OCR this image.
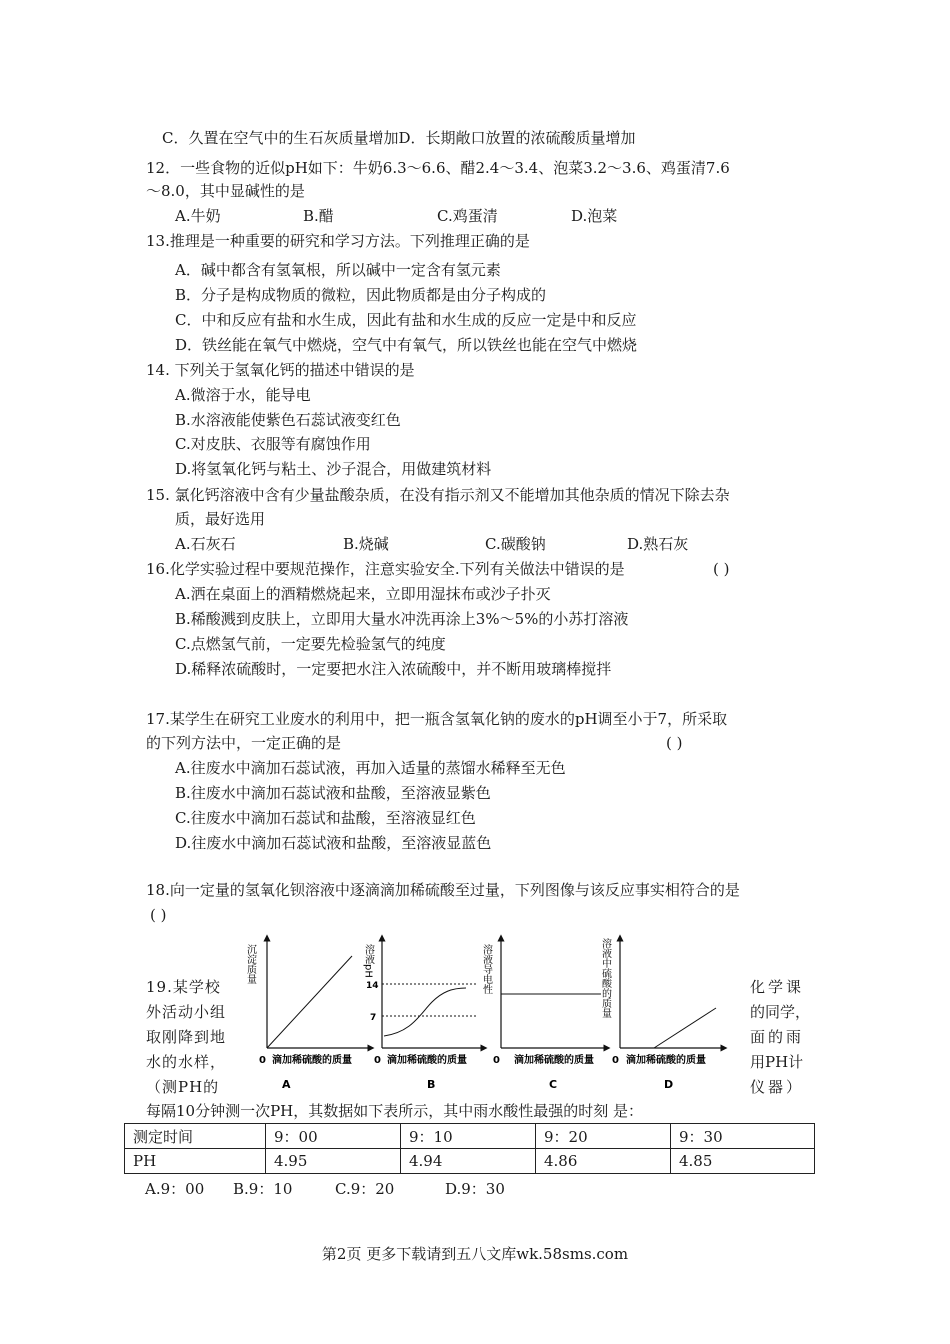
C．久置在空气中的生石灰质量增加D．长期敞口放置的浓硫酸质量增加
12．一些食物的近似pH如下：牛奶6.3～6.6、醋2.4～3.4、泡菜3.2～3.6、鸡蛋清7.6
～8.0，其中显碱性的是
A.牛奶	B.醋	C.鸡蛋清	D.泡菜
13.推理是一种重要的研究和学习方法。下列推理正确的是
A．碱中都含有氢氧根，所以碱中一定含有氢元素
B．分子是构成物质的微粒，因此物质都是由分子构成的
C．中和反应有盐和水生成，因此有盐和水生成的反应一定是中和反应
D．铁丝能在氧气中燃烧，空气中有氧气，所以铁丝也能在空气中燃烧
14. 下列关于氢氧化钙的描述中错误的是
A.微溶于水，能导电
B.水溶液能使紫色石蕊试液变红色
C.对皮肤、衣服等有腐蚀作用
D.将氢氧化钙与粘土、沙子混合，用做建筑材料
15. 氯化钙溶液中含有少量盐酸杂质，在没有指示剂又不能增加其他杂质的情况下除去杂
质，最好选用
A.石灰石	B.烧碱	C.碳酸钠	D.熟石灰
16.化学实验过程中要规范操作，注意实验安全.下列有关做法中错误的是	( )
A.洒在桌面上的酒精燃烧起来，立即用湿抹布或沙子扑灭
B.稀酸溅到皮肤上，立即用大量水冲洗再涂上3%～5%的小苏打溶液
C.点燃氢气前，一定要先检验氢气的纯度
D.稀释浓硫酸时，一定要把水注入浓硫酸中，并不断用玻璃棒搅拌
17.某学生在研究工业废水的利用中，把一瓶含氢氧化钠的废水的pH调至小于7，所采取
的下列方法中，一定正确的是	( )
A.往废水中滴加石蕊试液，再加入适量的蒸馏水稀释至无色
B.往废水中滴加石蕊试液和盐酸，至溶液显紫色
C.往废水中滴加石蕊试和盐酸，至溶液显红色
D.往废水中滴加石蕊试液和盐酸，至溶液显蓝色
18.向一定量的氢氧化钡溶液中逐滴滴加稀硫酸至过量，下列图像与该反应事实相符合的是
( )
沉淀质量
0 滴加稀硫酸的质量
A
溶液pH
14
7
0 滴加稀硫酸的质量
B
溶液导电性
0 滴加稀硫酸的质量
C
溶液中硫酸的质量
0 滴加稀硫酸的质量
D
19.某学校
外活动小组
取刚降到地
水的水样，
（测PH的
化学课
的同学，
面的雨
用PH计
仪器）
每隔10分钟测一次PH，其数据如下表所示，其中雨水酸性最强的时刻 是：
测定时间	9：00	9：10	9：20	9：30
PH	4.95	4.94	4.86	4.85
A.9：00 B.9：10	C.9：20	D.9：30
第2页 更多下载请到五八文库wk.58sms.com
